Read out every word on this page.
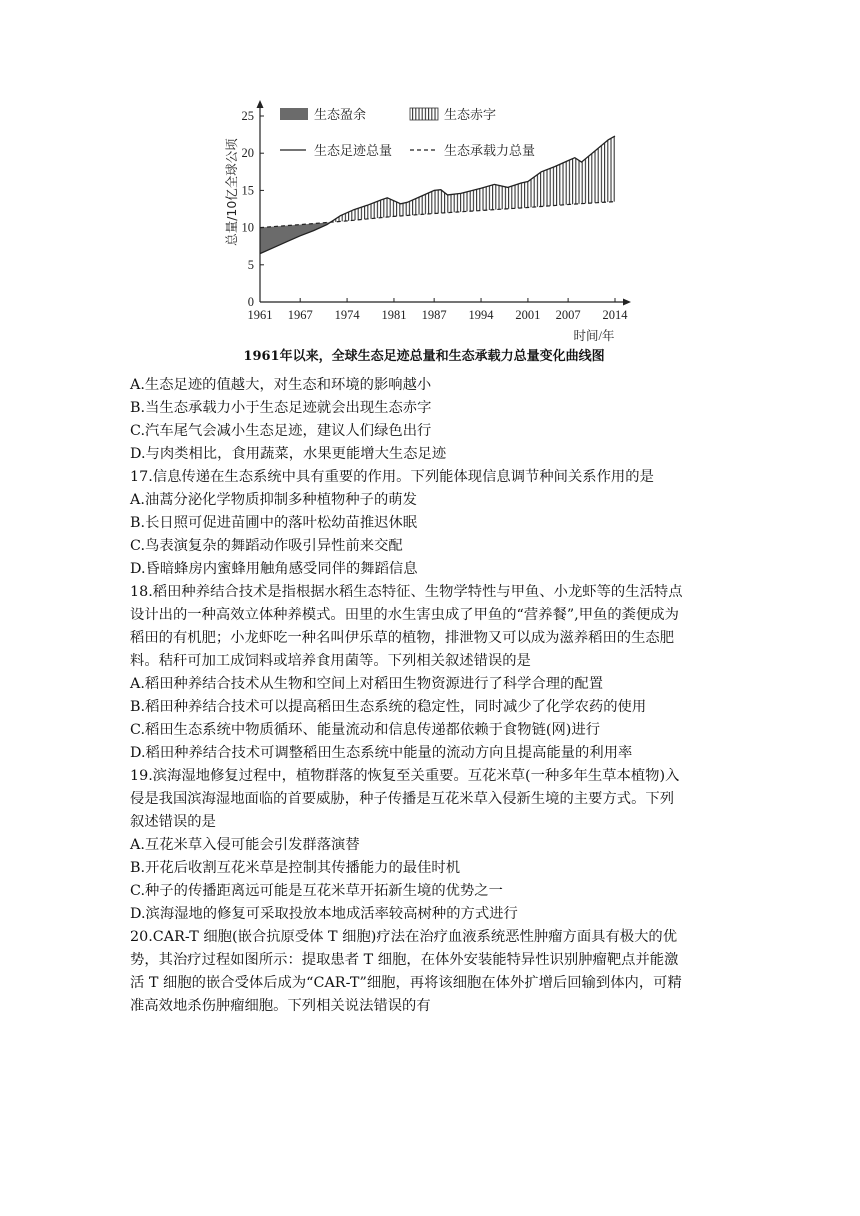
0
5
10
15
20
25
1961 1967 1974 1981 1987 1994 2001 2007 2014
生态盈余	生态赤字
生态足迹总量	生态承载力总量
总量/10亿全球公顷
时间/年
1961年以来，全球生态足迹总量和生态承载力总量变化曲线图
A.生态足迹的值越大，对生态和环境的影响越小
B.当生态承载力小于生态足迹就会出现生态赤字
C.汽车尾气会减小生态足迹，建议人们绿色出行
D.与肉类相比，食用蔬菜，水果更能增大生态足迹
17.信息传递在生态系统中具有重要的作用。下列能体现信息调节种间关系作用的是
A.油蒿分泌化学物质抑制多种植物种子的萌发
B.长日照可促进苗圃中的落叶松幼苗推迟休眠
C.鸟表演复杂的舞蹈动作吸引异性前来交配
D.昏暗蜂房内蜜蜂用触角感受同伴的舞蹈信息
18.稻田种养结合技术是指根据水稻生态特征、生物学特性与甲鱼、小龙虾等的生活特点
设计出的一种高效立体种养模式。田里的水生害虫成了甲鱼的“营养餐”,甲鱼的粪便成为
稻田的有机肥；小龙虾吃一种名叫伊乐草的植物，排泄物又可以成为滋养稻田的生态肥
料。秸秆可加工成饲料或培养食用菌等。下列相关叙述错误的是
A.稻田种养结合技术从生物和空间上对稻田生物资源进行了科学合理的配置
B.稻田种养结合技术可以提高稻田生态系统的稳定性，同时减少了化学农药的使用
C.稻田生态系统中物质循环、能量流动和信息传递都依赖于食物链(网)进行
D.稻田种养结合技术可调整稻田生态系统中能量的流动方向且提高能量的利用率
19.滨海湿地修复过程中，植物群落的恢复至关重要。互花米草(一种多年生草本植物)入
侵是我国滨海湿地面临的首要威胁，种子传播是互花米草入侵新生境的主要方式。下列
叙述错误的是
A.互花米草入侵可能会引发群落演替
B.开花后收割互花米草是控制其传播能力的最佳时机
C.种子的传播距离远可能是互花米草开拓新生境的优势之一
D.滨海湿地的修复可采取投放本地成活率较高树种的方式进行
20.CAR-T 细胞(嵌合抗原受体 T 细胞)疗法在治疗血液系统恶性肿瘤方面具有极大的优
势，其治疗过程如图所示：提取患者 T 细胞，在体外安装能特异性识别肿瘤靶点并能激
活 T 细胞的嵌合受体后成为“CAR-T”细胞，再将该细胞在体外扩增后回输到体内，可精
准高效地杀伤肿瘤细胞。下列相关说法错误的有
